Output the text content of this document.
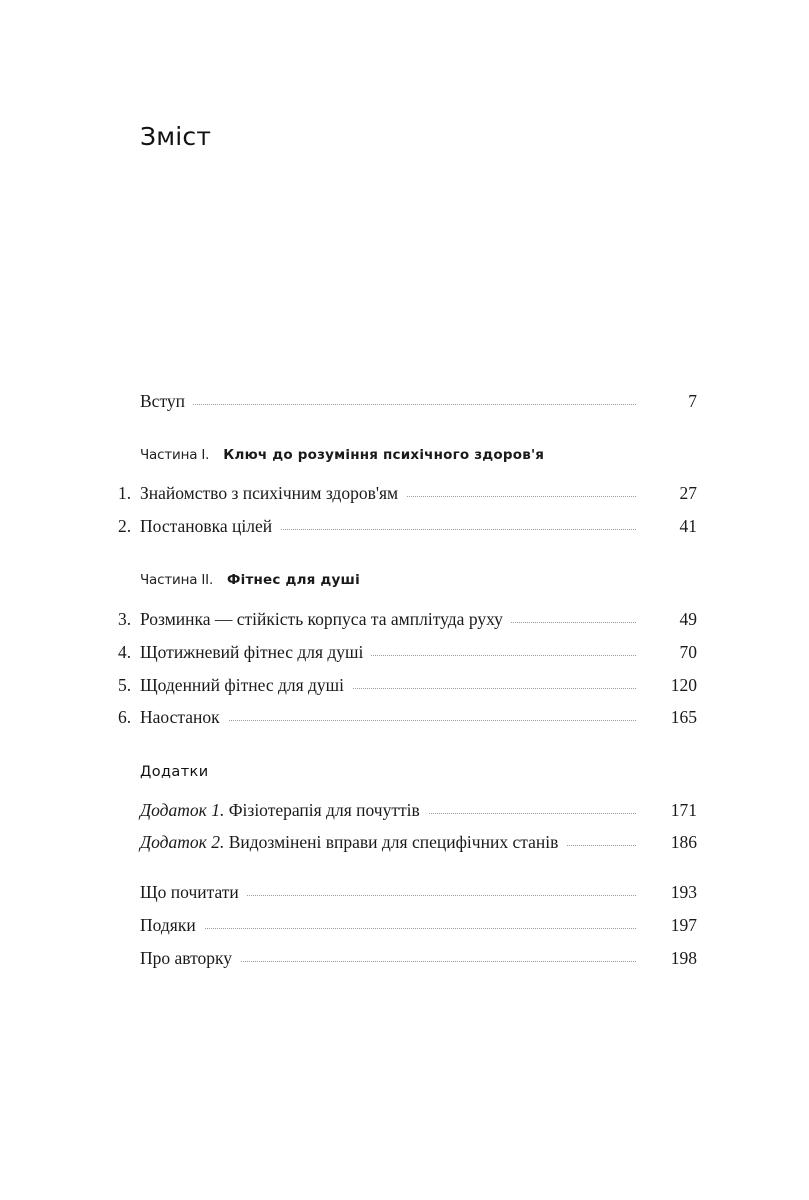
Зміст
Вступ	7
Частина I. Ключ до розуміння психічного здоров'я
1. Знайомство з психічним здоров'ям	27
2. Постановка цілей	41
Частина II. Фітнес для душі
3. Розминка — стійкість корпуса та амплітуда руху	49
4. Щотижневий фітнес для душі	70
5. Щоденний фітнес для душі	120
6. Наостанок	165
Додатки
Додаток 1. Фізіотерапія для почуттів	171
Додаток 2. Видозмінені вправи для специфічних станів	186
Що почитати	193
Подяки	197
Про авторку	198
